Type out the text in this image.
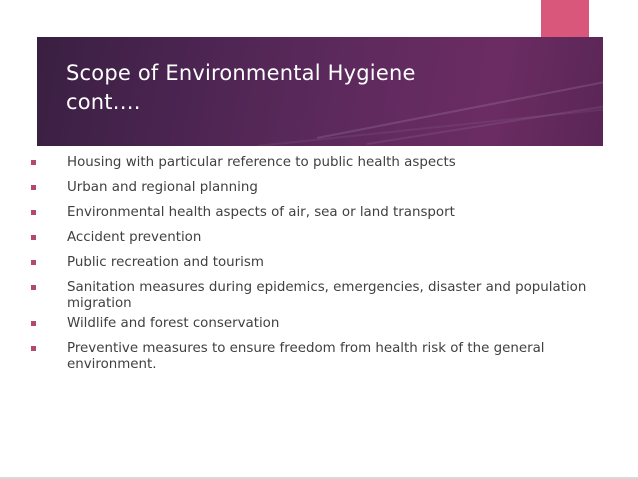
Scope of Environmental Hygiene
cont.…
Housing with particular reference to public health aspects
Urban and regional planning
Environmental health aspects of air, sea or land transport
Accident prevention
Public recreation and tourism
Sanitation measures during epidemics, emergencies, disaster and population migration
Wildlife and forest conservation
Preventive measures to ensure freedom from health risk of the general environment.
